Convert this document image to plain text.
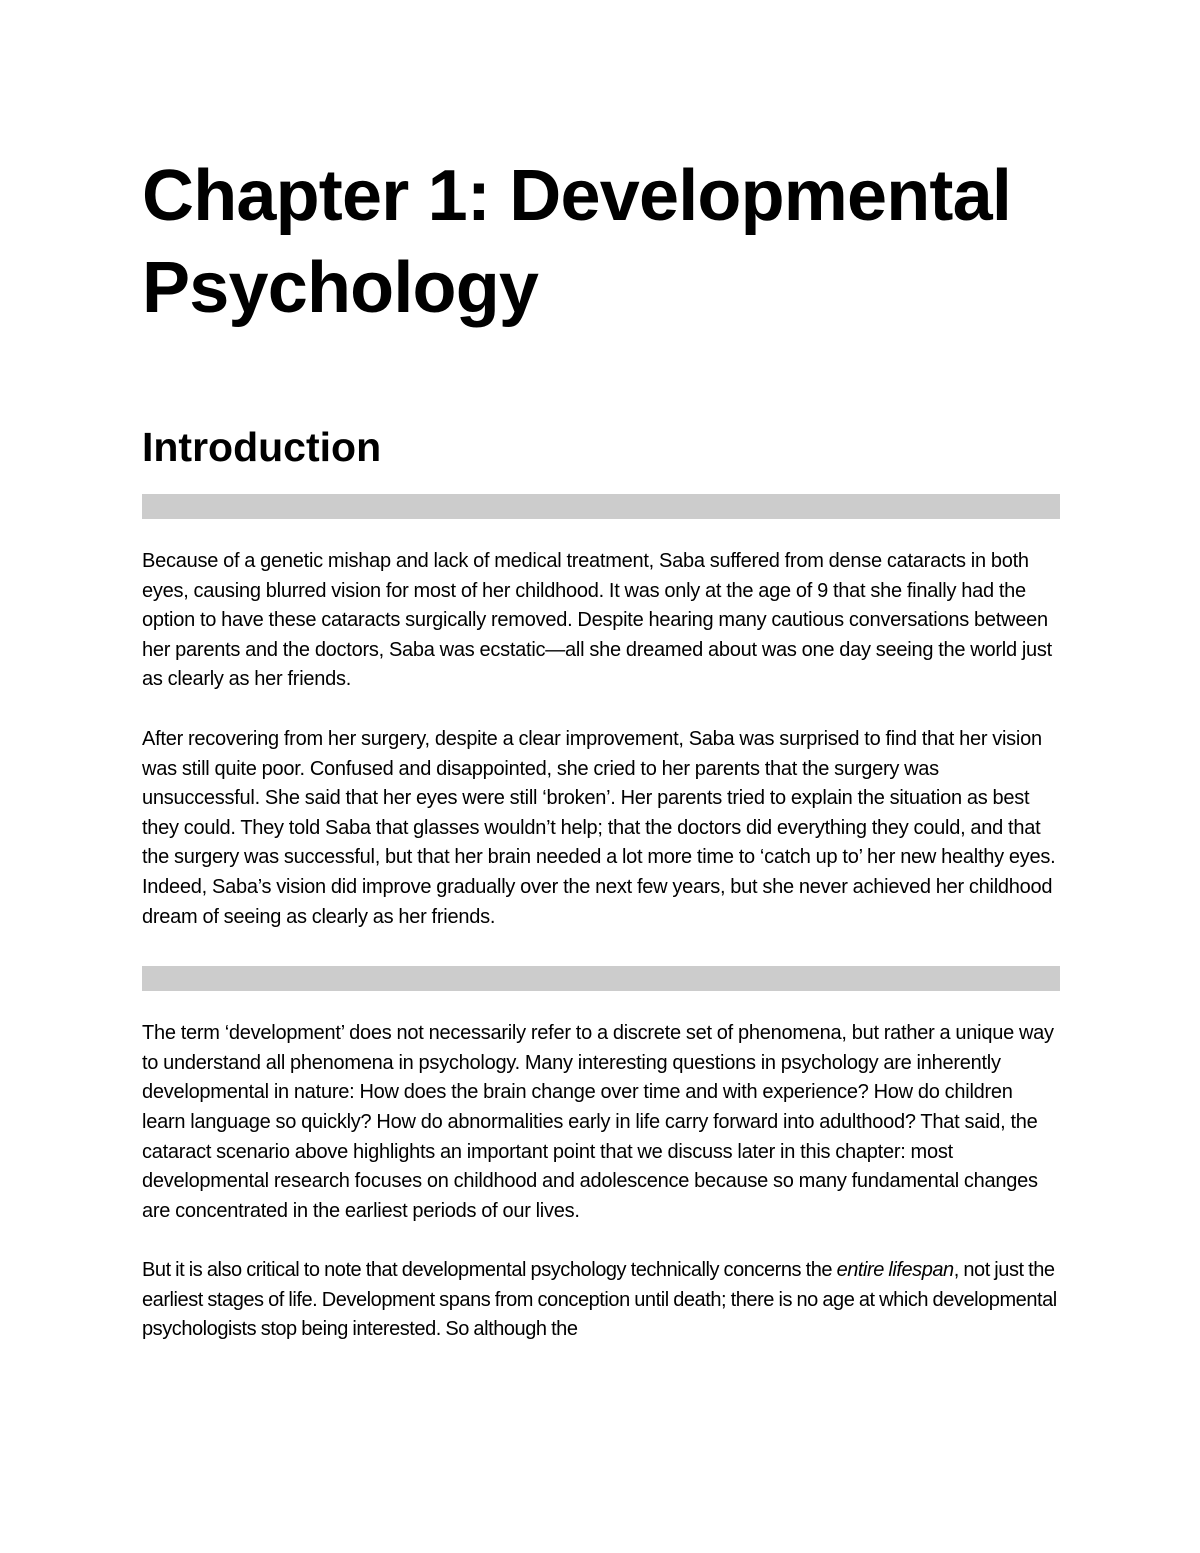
Chapter 1: Developmental Psychology
Introduction

Because of a genetic mishap and lack of medical treatment, Saba suffered from dense cataracts in both eyes, causing blurred vision for most of her childhood. It was only at the age of 9 that she finally had the option to have these cataracts surgically removed. Despite hearing many cautious conversations between her parents and the doctors, Saba was ecstatic—all she dreamed about was one day seeing the world just as clearly as her friends.

After recovering from her surgery, despite a clear improvement, Saba was surprised to find that her vision was still quite poor. Confused and disappointed, she cried to her parents that the surgery was unsuccessful. She said that her eyes were still ‘broken’. Her parents tried to explain the situation as best they could. They told Saba that glasses wouldn’t help; that the doctors did everything they could, and that the surgery was successful, but that her brain needed a lot more time to ‘catch up to’ her new healthy eyes. Indeed, Saba’s vision did improve gradually over the next few years, but she never achieved her childhood dream of seeing as clearly as her friends.

The term ‘development’ does not necessarily refer to a discrete set of phenomena, but rather a unique way to understand all phenomena in psychology. Many interesting questions in psychology are inherently developmental in nature: How does the brain change over time and with experience? How do children learn language so quickly? How do abnormalities early in life carry forward into adulthood? That said, the cataract scenario above highlights an important point that we discuss later in this chapter: most developmental research focuses on childhood and adolescence because so many fundamental changes are concentrated in the earliest periods of our lives.

But it is also critical to note that developmental psychology technically concerns the entire lifespan, not just the earliest stages of life. Development spans from conception until death; there is no age at which developmental psychologists stop being interested. So although the
